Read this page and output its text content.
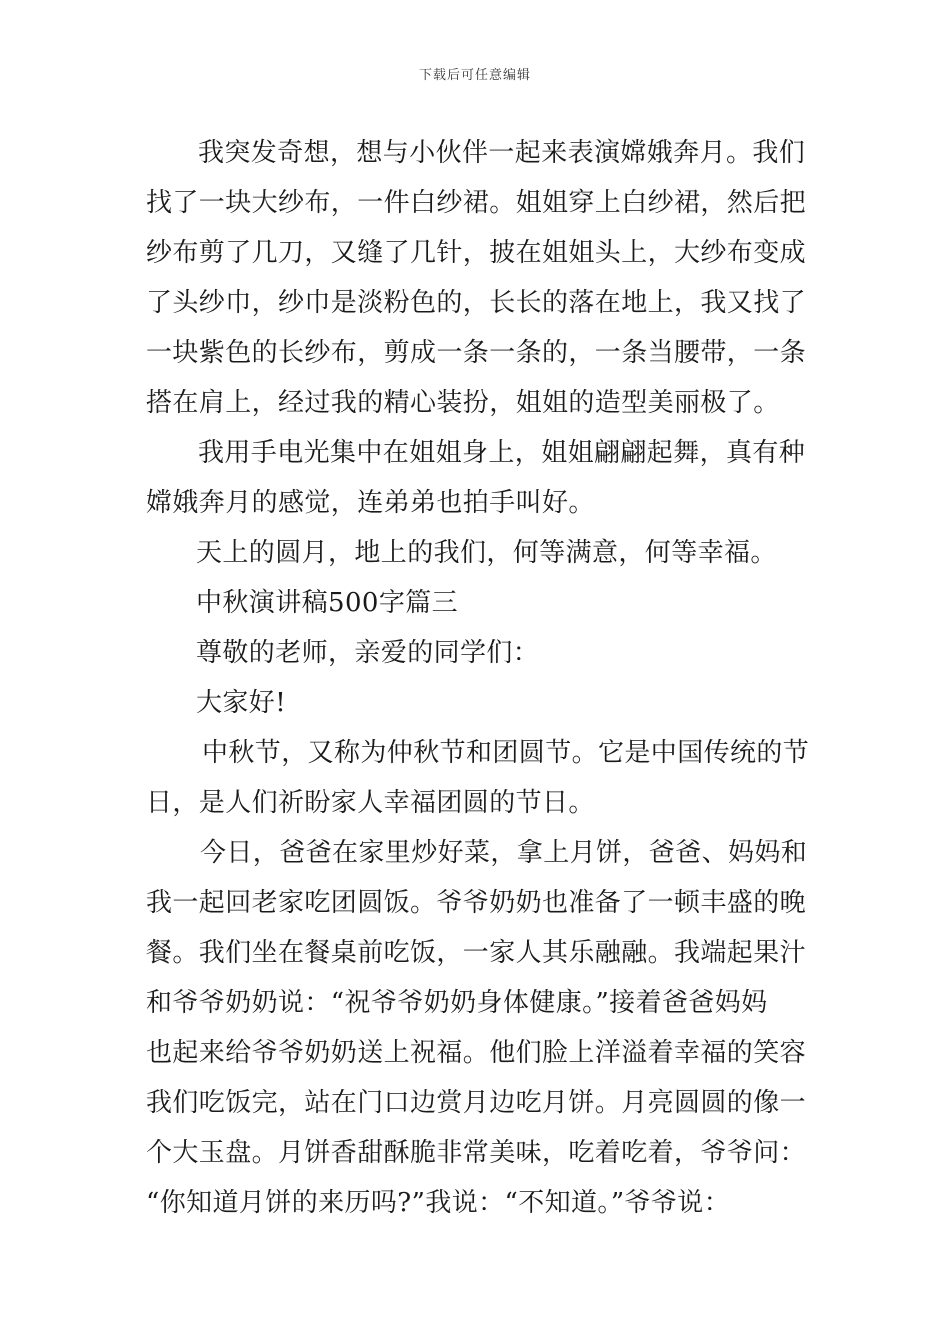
下载后可任意编辑
我突发奇想，想与小伙伴一起来表演嫦娥奔月。我们
找了一块大纱布，一件白纱裙。姐姐穿上白纱裙，然后把
纱布剪了几刀，又缝了几针，披在姐姐头上，大纱布变成
了头纱巾，纱巾是淡粉色的，长长的落在地上，我又找了
一块紫色的长纱布，剪成一条一条的，一条当腰带，一条
搭在肩上，经过我的精心装扮，姐姐的造型美丽极了。
我用手电光集中在姐姐身上，姐姐翩翩起舞，真有种
嫦娥奔月的感觉，连弟弟也拍手叫好。
天上的圆月，地上的我们，何等满意，何等幸福。
中秋演讲稿500字篇三
尊敬的老师，亲爱的同学们：
大家好!
中秋节，又称为仲秋节和团圆节。它是中国传统的节
日，是人们祈盼家人幸福团圆的节日。
今日，爸爸在家里炒好菜，拿上月饼，爸爸、妈妈和
我一起回老家吃团圆饭。爷爷奶奶也准备了一顿丰盛的晚
餐。我们坐在餐桌前吃饭，一家人其乐融融。我端起果汁
和爷爷奶奶说：“祝爷爷奶奶身体健康。”接着爸爸妈妈
也起来给爷爷奶奶送上祝福。他们脸上洋溢着幸福的笑容
我们吃饭完，站在门口边赏月边吃月饼。月亮圆圆的像一
个大玉盘。月饼香甜酥脆非常美味，吃着吃着，爷爷问：
“你知道月饼的来历吗?”我说：“不知道。”爷爷说：
